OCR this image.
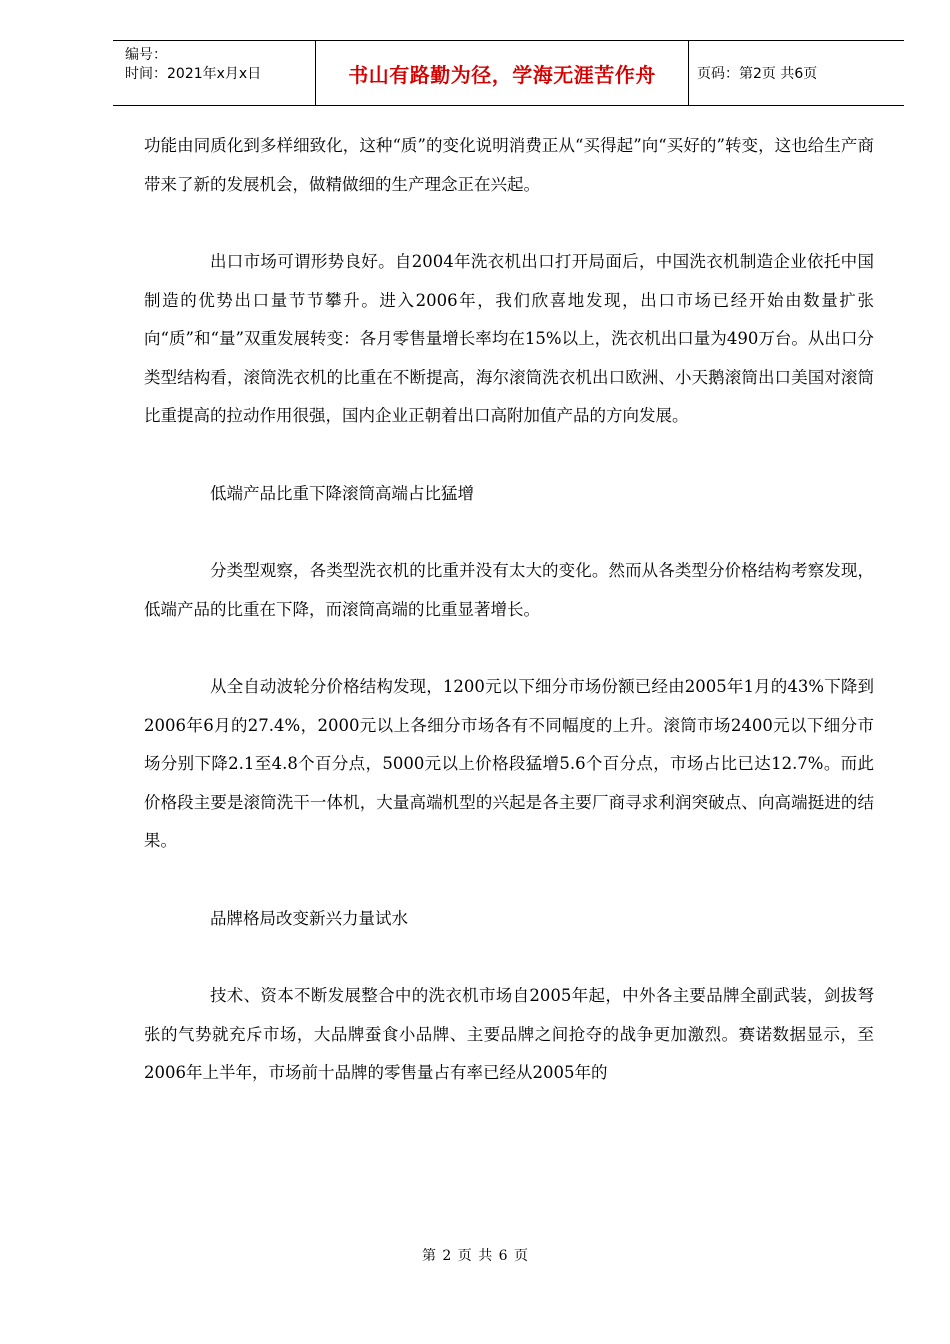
编号：
时间：2021年x月x日	书山有路勤为径，学海无涯苦作舟	页码：第2页 共6页

功能由同质化到多样细致化，这种“质”的变化说明消费正从“买得起”向“买好的”转变，这也给生产商带来了新的发展机会，做精做细的生产理念正在兴起。

出口市场可谓形势良好。自2004年洗衣机出口打开局面后，中国洗衣机制造企业依托中国制造的优势出口量节节攀升。进入2006年，我们欣喜地发现，出口市场已经开始由数量扩张向“质”和“量”双重发展转变：各月零售量增长率均在15%以上，洗衣机出口量为490万台。从出口分类型结构看，滚筒洗衣机的比重在不断提高，海尔滚筒洗衣机出口欧洲、小天鹅滚筒出口美国对滚筒比重提高的拉动作用很强，国内企业正朝着出口高附加值产品的方向发展。

低端产品比重下降滚筒高端占比猛增

分类型观察，各类型洗衣机的比重并没有太大的变化。然而从各类型分价格结构考察发现，低端产品的比重在下降，而滚筒高端的比重显著增长。

从全自动波轮分价格结构发现，1200元以下细分市场份额已经由2005年1月的43%下降到2006年6月的27.4%，2000元以上各细分市场各有不同幅度的上升。滚筒市场2400元以下细分市场分别下降2.1至4.8个百分点，5000元以上价格段猛增5.6个百分点，市场占比已达12.7%。而此价格段主要是滚筒洗干一体机，大量高端机型的兴起是各主要厂商寻求利润突破点、向高端挺进的结果。

品牌格局改变新兴力量试水

技术、资本不断发展整合中的洗衣机市场自2005年起，中外各主要品牌全副武装，剑拔弩张的气势就充斥市场，大品牌蚕食小品牌、主要品牌之间抢夺的战争更加激烈。赛诺数据显示，至2006年上半年，市场前十品牌的零售量占有率已经从2005年的

第 2 页 共 6 页
